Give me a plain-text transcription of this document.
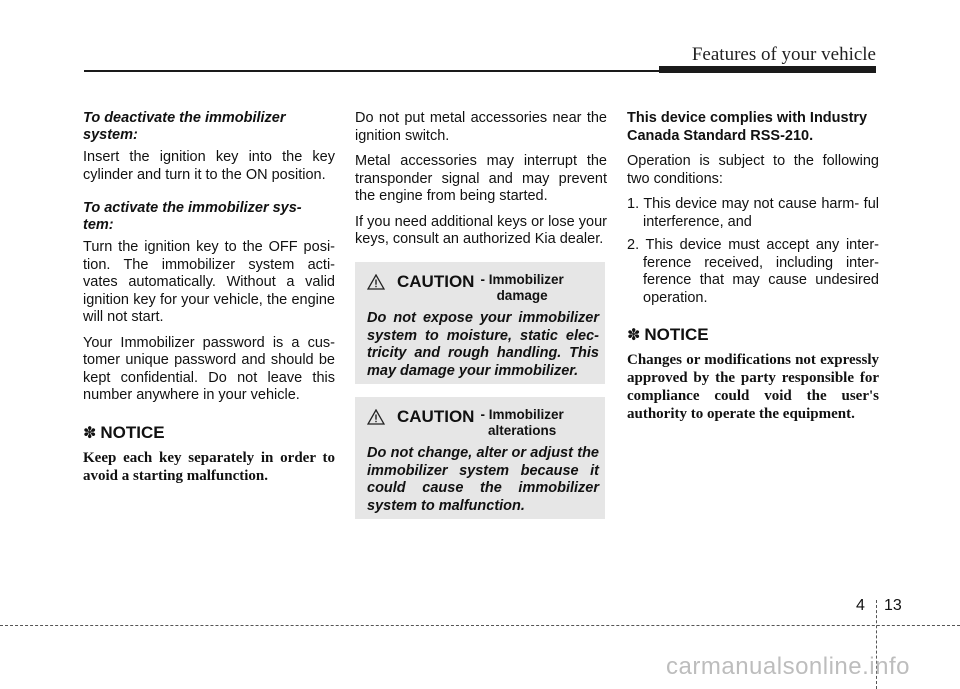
Features of your vehicle
To deactivate the immobilizer system:

Insert the ignition key into the key cylinder and turn it to the ON position.

To activate the immobilizer sys- tem:

Turn the ignition key to the OFF posi- tion. The immobilizer system acti- vates automatically. Without a valid ignition key for your vehicle, the engine will not start.

Your Immobilizer password is a cus- tomer unique password and should be kept confidential. Do not leave this number anywhere in your vehicle.

✽ NOTICE

Keep each key separately in order to avoid a starting malfunction.

Do not put metal accessories near the ignition switch.

Metal accessories may interrupt the transponder signal and may prevent the engine from being started.

If you need additional keys or lose your keys, consult an authorized Kia dealer.

CAUTION - Immobilizer
damage

Do not expose your immobilizer system to moisture, static elec- tricity and rough handling. This may damage your immobilizer.

CAUTION - Immobilizer
alterations

Do not change, alter or adjust the immobilizer system because it could cause the immobilizer system to malfunction.

This device complies with Industry Canada Standard RSS-210.

Operation is subject to the following two conditions:

1. This device may not cause harm- ful interference, and
2. This device must accept any inter- ference received, including inter- ference that may cause undesired operation.
✽ NOTICE

Changes or modifications not expressly approved by the party responsible for compliance could void the user's authority to operate the equipment.

4 13
carmanualsonline.info
